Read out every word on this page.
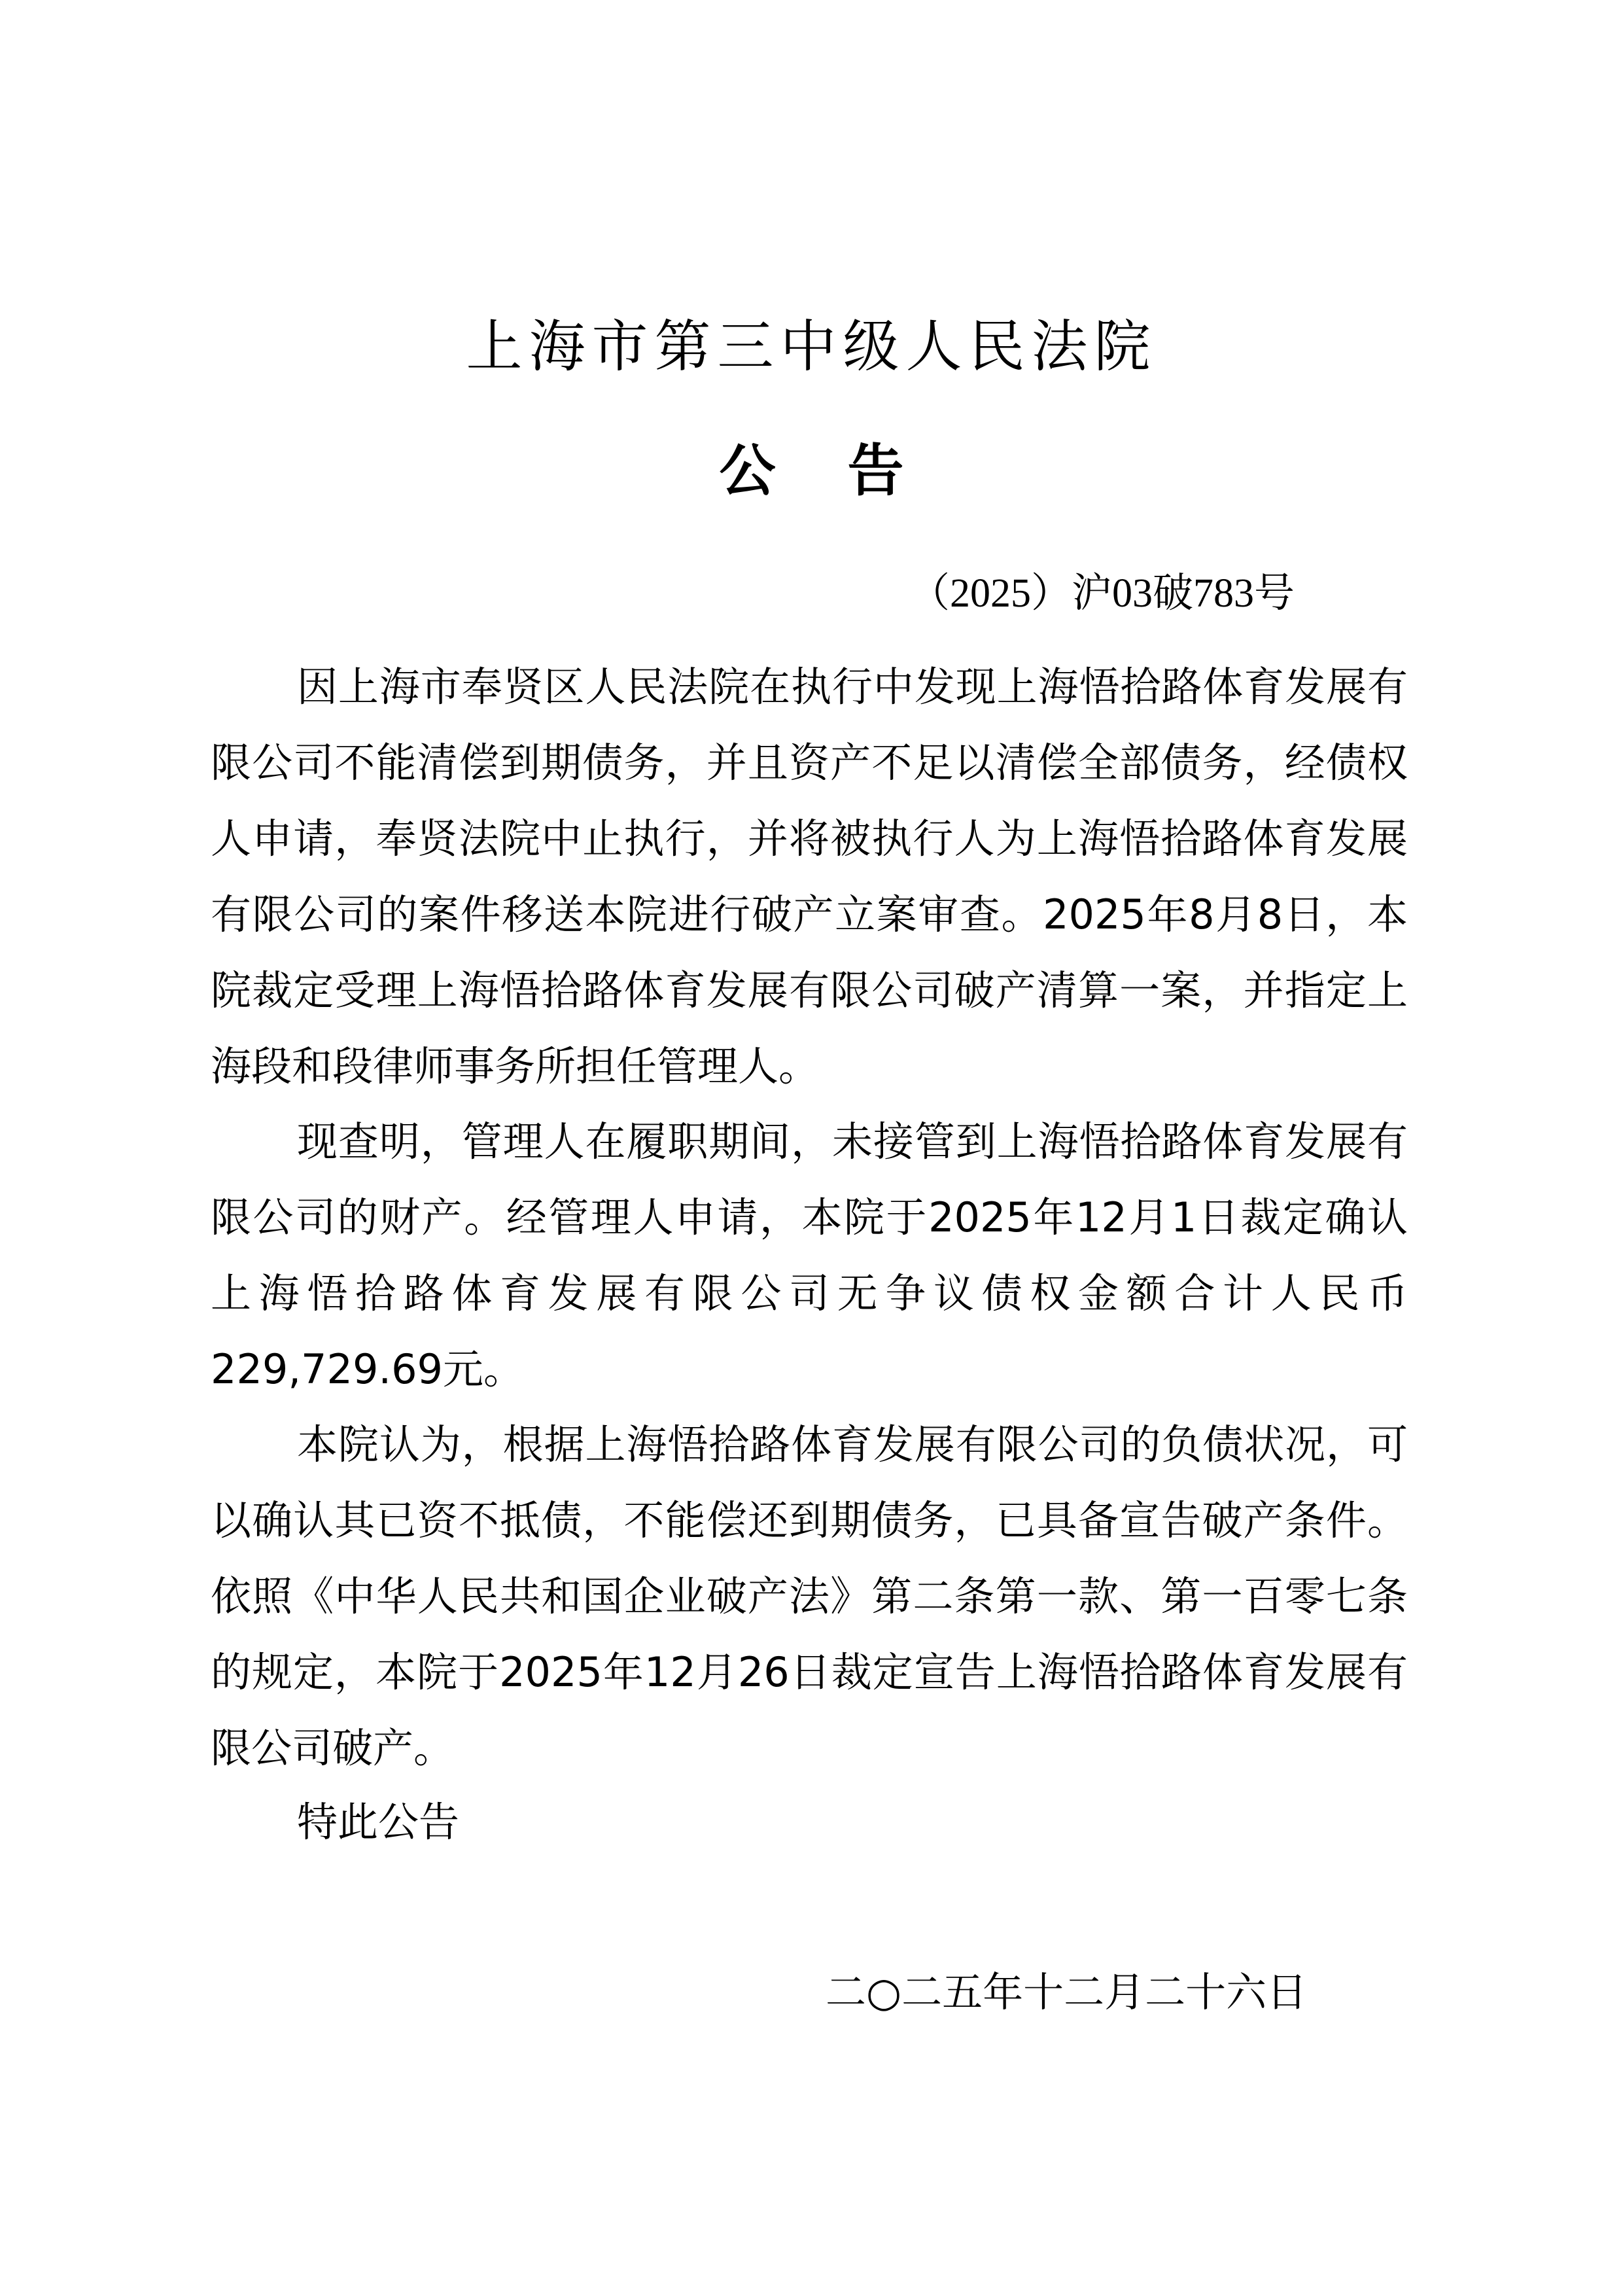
上海市第三中级人民法院
公 告
（2025）沪03破783号
因上海市奉贤区人民法院在执行中发现上海悟拾路体育发展有
限公司不能清偿到期债务，并且资产不足以清偿全部债务，经债权
人申请，奉贤法院中止执行，并将被执行人为上海悟拾路体育发展
有限公司的案件移送本院进行破产立案审查。2025年8月8日，本
院裁定受理上海悟拾路体育发展有限公司破产清算一案，并指定上
海段和段律师事务所担任管理人。
现查明，管理人在履职期间，未接管到上海悟拾路体育发展有
限公司的财产。经管理人申请，本院于2025年12月1日裁定确认
上海悟拾路体育发展有限公司无争议债权金额合计人民币
229,729.69元。
本院认为，根据上海悟拾路体育发展有限公司的负债状况，可
以确认其已资不抵债，不能偿还到期债务，已具备宣告破产条件。
依照《中华人民共和国企业破产法》第二条第一款、第一百零七条
的规定，本院于2025年12月26日裁定宣告上海悟拾路体育发展有
限公司破产。
特此公告
二○二五年十二月二十六日
